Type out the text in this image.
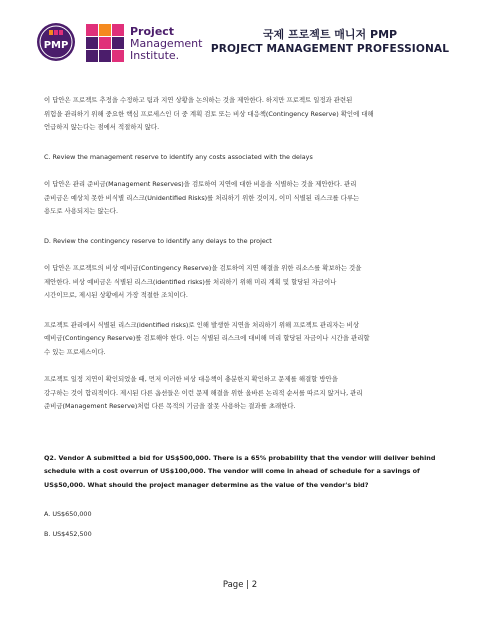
PMP
Project
Management
Institute.
국제 프로젝트 매니저 PMP
PROJECT MANAGEMENT PROFESSIONAL

이 답안은 프로젝트 추정을 수정하고 팀과 지연 상황을 논의하는 것을 제안한다. 하지만 프로젝트 일정과 관련된

위험을 관리하기 위해 중요한 핵심 프로세스인 더 중 계획 검토 또는 비상 대응책(Contingency Reserve) 확인에 대해

언급하지 않는다는 점에서 적절하지 않다.

C. Review the management reserve to identify any costs associated with the delays

이 답안은 관리 준비금(Management Reserves)을 검토하여 지연에 대한 비용을 식별하는 것을 제안한다. 관리

준비금은 예상치 못한 비식별 리스크(Unidentified Risks)를 처리하기 위한 것이지, 이미 식별된 리스크를 다루는

용도로 사용되지는 않는다.

D. Review the contingency reserve to identify any delays to the project

이 답안은 프로젝트의 비상 예비금(Contingency Reserve)을 검토하여 지연 해결을 위한 리소스를 확보하는 것을

제안한다. 비상 예비금은 식별된 리스크(identified risks)를 처리하기 위해 미리 계획 및 할당된 자금이나

시간이므로, 제시된 상황에서 가장 적절한 조치이다.

프로젝트 관리에서 식별된 리스크(identified risks)로 인해 발생한 지연을 처리하기 위해 프로젝트 관리자는 비상

예비금(Contingency Reserve)를 검토해야 한다. 이는 식별된 리스크에 대비해 미리 할당된 자금이나 시간을 관리할

수 있는 프로세스이다.

프로젝트 일정 지연이 확인되었을 때, 먼저 이러한 비상 대응책이 충분한지 확인하고 문제를 해결할 방안을

강구하는 것이 합리적이다. 제시된 다른 옵션들은 이런 문제 해결을 위한 올바른 논리적 순서를 따르지 않거나, 관리

준비금(Management Reserve)처럼 다른 목적의 기금을 잘못 사용하는 결과를 초래한다.

Q2. Vendor A submitted a bid for US$500,000. There is a 65% probability that the vendor will deliver behind

schedule with a cost overrun of US$100,000. The vendor will come in ahead of schedule for a savings of

US$50,000. What should the project manager determine as the value of the vendor's bid?

A. US$650,000

B. US$452,500

Page | 2
